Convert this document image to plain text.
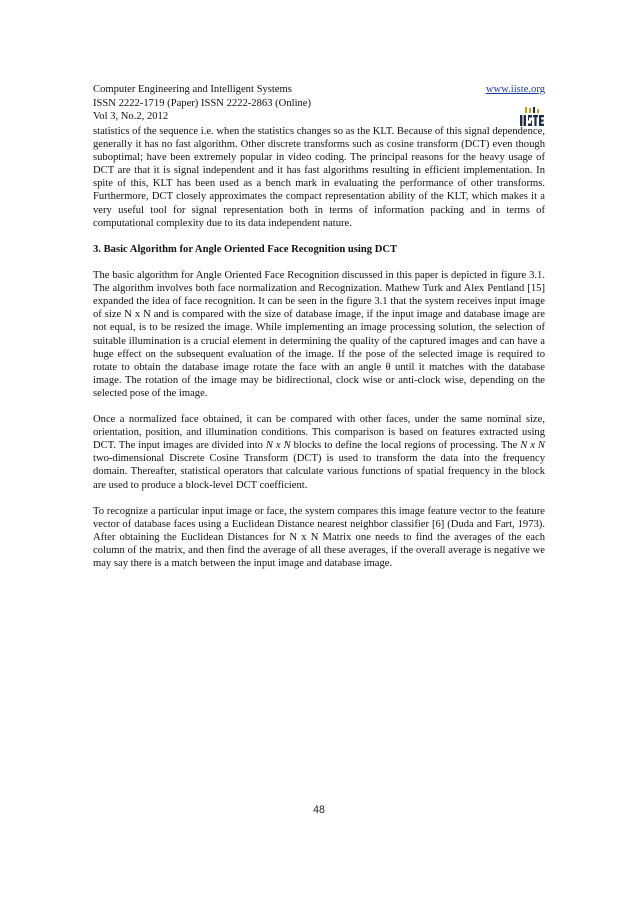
Computer Engineering and Intelligent Systems	www.iiste.org
ISSN 2222-1719 (Paper) ISSN 2222-2863 (Online)
Vol 3, No.2, 2012

statistics of the sequence i.e. when the statistics changes so as the KLT. Because of this signal dependence, generally it has no fast algorithm. Other discrete transforms such as cosine transform (DCT) even though suboptimal; have been extremely popular in video coding. The principal reasons for the heavy usage of DCT are that it is signal independent and it has fast algorithms resulting in efficient implementation. In spite of this, KLT has been used as a bench mark in evaluating the performance of other transforms. Furthermore, DCT closely approximates the compact representation ability of the KLT, which makes it a very useful tool for signal representation both in terms of information packing and in terms of computational complexity due to its data independent nature.

3. Basic Algorithm for Angle Oriented Face Recognition using DCT

The basic algorithm for Angle Oriented Face Recognition discussed in this paper is depicted in figure 3.1. The algorithm involves both face normalization and Recognization. Mathew Turk and Alex Pentland [15] expanded the idea of face recognition. It can be seen in the figure 3.1 that the system receives input image of size N x N and is compared with the size of database image, if the input image and database image are not equal, is to be resized the image. While implementing an image processing solution, the selection of suitable illumination is a crucial element in determining the quality of the captured images and can have a huge effect on the subsequent evaluation of the image. If the pose of the selected image is required to rotate to obtain the database image rotate the face with an angle θ until it matches with the database image. The rotation of the image may be bidirectional, clock wise or anti-clock wise, depending on the selected pose of the image.

Once a normalized face obtained, it can be compared with other faces, under the same nominal size, orientation, position, and illumination conditions. This comparison is based on features extracted using DCT. The input images are divided into N x N blocks to define the local regions of processing. The N x N two-dimensional Discrete Cosine Transform (DCT) is used to transform the data into the frequency domain. Thereafter, statistical operators that calculate various functions of spatial frequency in the block are used to produce a block-level DCT coefficient.

To recognize a particular input image or face, the system compares this image feature vector to the feature vector of database faces using a Euclidean Distance nearest neighbor classifier [6] (Duda and Fart, 1973). After obtaining the Euclidean Distances for N x N Matrix one needs to find the averages of the each column of the matrix, and then find the average of all these averages, if the overall average is negative we may say there is a match between the input image and database image.

48
